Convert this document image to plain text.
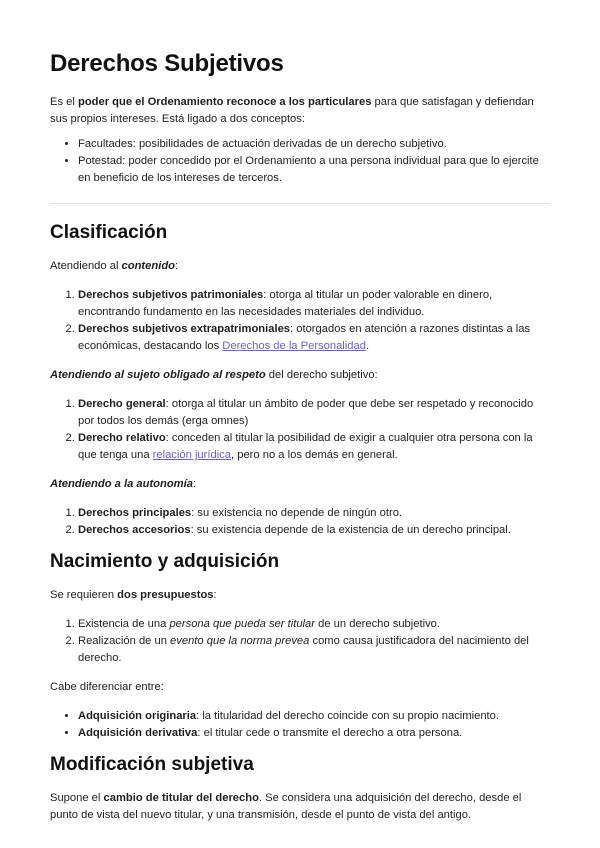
Derechos Subjetivos

Es el poder que el Ordenamiento reconoce a los particulares para que satisfagan y defiendan sus propios intereses. Está ligado a dos conceptos:

• Facultades: posibilidades de actuación derivadas de un derecho subjetivo.
• Potestad: poder concedido por el Ordenamiento a una persona individual para que lo ejercite en beneficio de los intereses de terceros.
Clasificación

Atendiendo al contenido:

1. Derechos subjetivos patrimoniales: otorga al titular un poder valorable en dinero, encontrando fundamento en las necesidades materiales del individuo.
2. Derechos subjetivos extrapatrimoniales: otorgados en atención a razones distintas a las económicas, destacando los Derechos de la Personalidad.

Atendiendo al sujeto obligado al respeto del derecho subjetivo:

1. Derecho general: otorga al titular un ámbito de poder que debe ser respetado y reconocido por todos los demás (erga omnes)
2. Derecho relativo: conceden al titular la posibilidad de exigir a cualquier otra persona con la que tenga una relación jurídica, pero no a los demás en general.

Atendiendo a la autonomía:

1. Derechos principales: su existencia no depende de ningún otro.
2. Derechos accesorios: su existencia depende de la existencia de un derecho principal.
Nacimiento y adquisición

Se requieren dos presupuestos:

1. Existencia de una persona que pueda ser titular de un derecho subjetivo.
2. Realización de un evento que la norma prevea como causa justificadora del nacimiento del derecho.

Cabe diferenciar entre:

• Adquisición originaria: la titularidad del derecho coincide con su propio nacimiento.
• Adquisición derivativa: el titular cede o transmite el derecho a otra persona.
Modificación subjetiva

Supone el cambio de titular del derecho. Se considera una adquisición del derecho, desde el punto de vista del nuevo titular, y una transmisión, desde el punto de vista del antigo.
